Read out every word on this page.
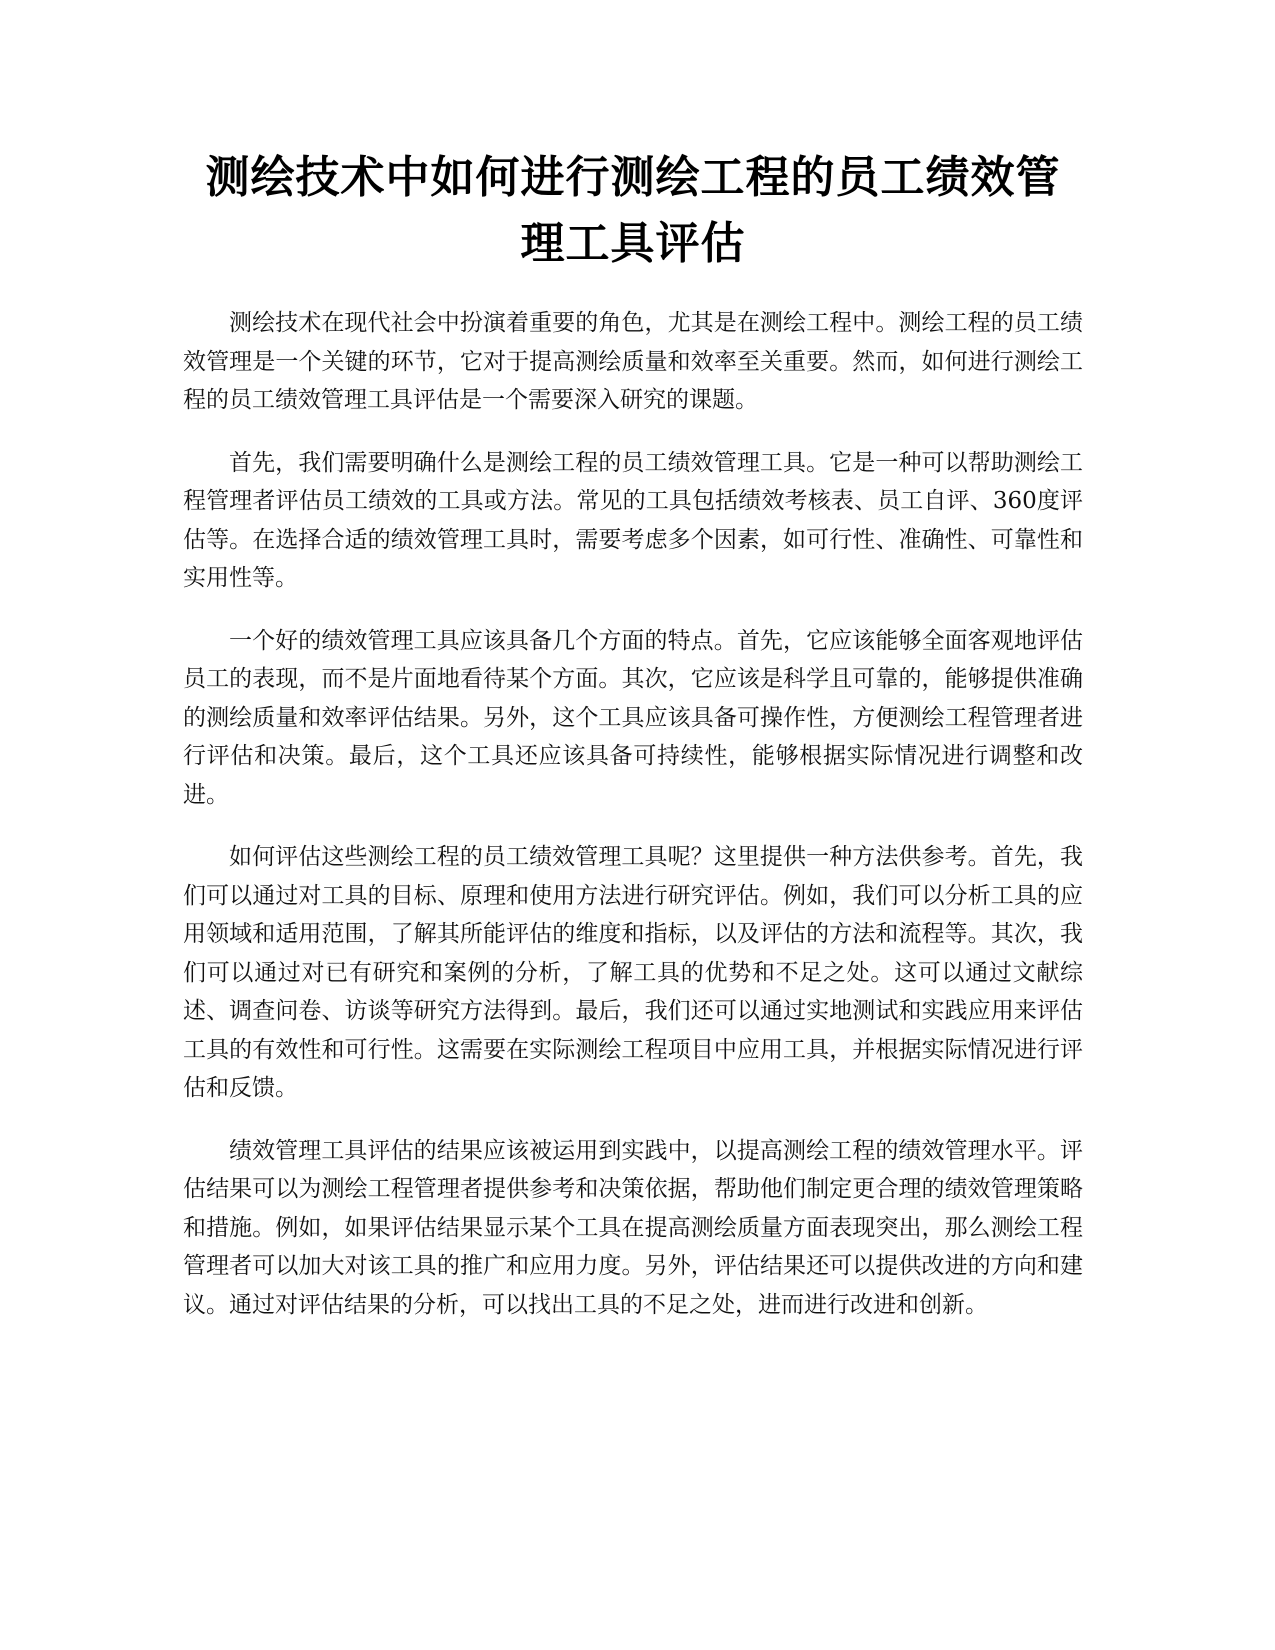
测绘技术中如何进行测绘工程的员工绩效管
理工具评估

测绘技术在现代社会中扮演着重要的角色，尤其是在测绘工程中。测绘工程的员工绩效管理是一个关键的环节，它对于提高测绘质量和效率至关重要。然而，如何进行测绘工程的员工绩效管理工具评估是一个需要深入研究的课题。

首先，我们需要明确什么是测绘工程的员工绩效管理工具。它是一种可以帮助测绘工程管理者评估员工绩效的工具或方法。常见的工具包括绩效考核表、员工自评、360度评估等。在选择合适的绩效管理工具时，需要考虑多个因素，如可行性、准确性、可靠性和实用性等。

一个好的绩效管理工具应该具备几个方面的特点。首先，它应该能够全面客观地评估员工的表现，而不是片面地看待某个方面。其次，它应该是科学且可靠的，能够提供准确的测绘质量和效率评估结果。另外，这个工具应该具备可操作性，方便测绘工程管理者进行评估和决策。最后，这个工具还应该具备可持续性，能够根据实际情况进行调整和改进。

如何评估这些测绘工程的员工绩效管理工具呢？这里提供一种方法供参考。首先，我们可以通过对工具的目标、原理和使用方法进行研究评估。例如，我们可以分析工具的应用领域和适用范围，了解其所能评估的维度和指标，以及评估的方法和流程等。其次，我们可以通过对已有研究和案例的分析，了解工具的优势和不足之处。这可以通过文献综述、调查问卷、访谈等研究方法得到。最后，我们还可以通过实地测试和实践应用来评估工具的有效性和可行性。这需要在实际测绘工程项目中应用工具，并根据实际情况进行评估和反馈。

绩效管理工具评估的结果应该被运用到实践中，以提高测绘工程的绩效管理水平。评估结果可以为测绘工程管理者提供参考和决策依据，帮助他们制定更合理的绩效管理策略和措施。例如，如果评估结果显示某个工具在提高测绘质量方面表现突出，那么测绘工程管理者可以加大对该工具的推广和应用力度。另外，评估结果还可以提供改进的方向和建议。通过对评估结果的分析，可以找出工具的不足之处，进而进行改进和创新。
